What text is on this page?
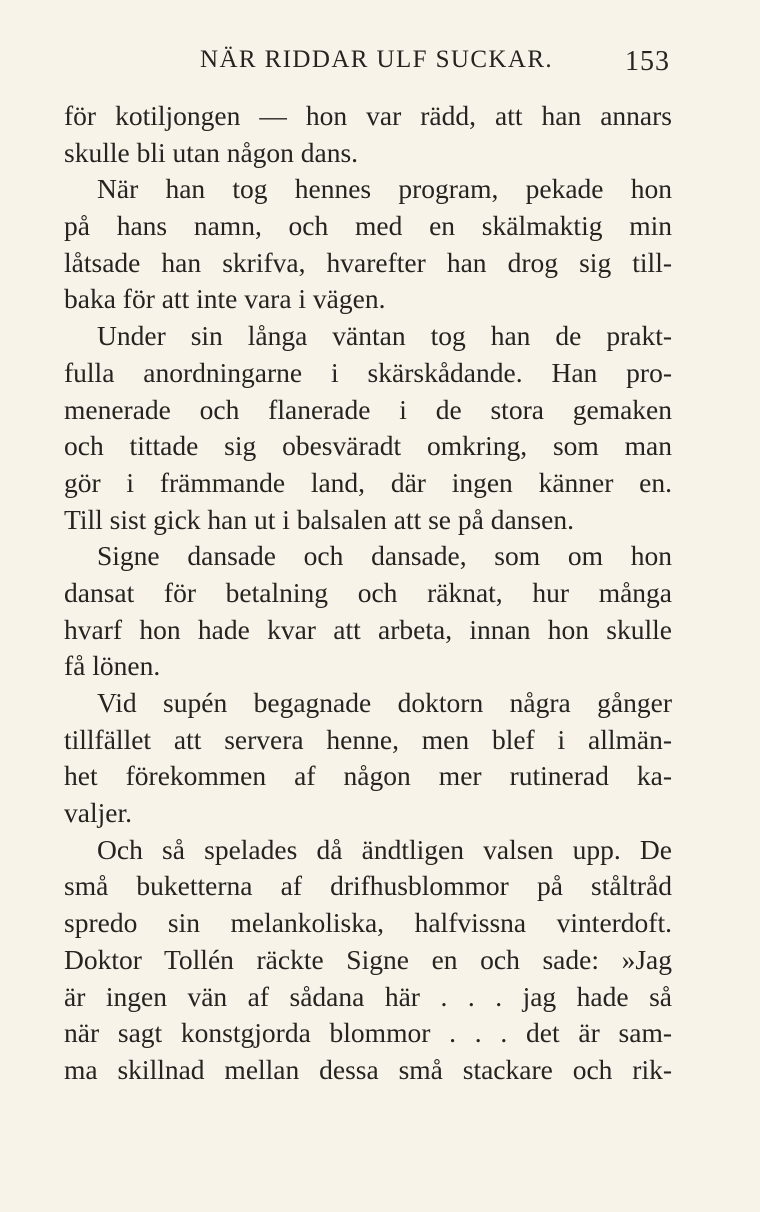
NÄR RIDDAR ULF SUCKAR.	153
för kotiljongen — hon var rädd, att han annars
skulle bli utan någon dans.
När han tog hennes program, pekade hon
på hans namn, och med en skälmaktig min
låtsade han skrifva, hvarefter han drog sig till-
baka för att inte vara i vägen.
Under sin långa väntan tog han de prakt-
fulla anordningarne i skärskådande. Han pro-
menerade och flanerade i de stora gemaken
och tittade sig obesväradt omkring, som man
gör i främmande land, där ingen känner en.
Till sist gick han ut i balsalen att se på dansen.
Signe dansade och dansade, som om hon
dansat för betalning och räknat, hur många
hvarf hon hade kvar att arbeta, innan hon skulle
få lönen.
Vid supén begagnade doktorn några gånger
tillfället att servera henne, men blef i allmän-
het förekommen af någon mer rutinerad ka-
valjer.
Och så spelades då ändtligen valsen upp. De
små buketterna af drifhusblommor på ståltråd
spredo sin melankoliska, halfvissna vinterdoft.
Doktor Tollén räckte Signe en och sade: »Jag
är ingen vän af sådana här . . . jag hade så
när sagt konstgjorda blommor . . . det är sam-
ma skillnad mellan dessa små stackare och rik-
